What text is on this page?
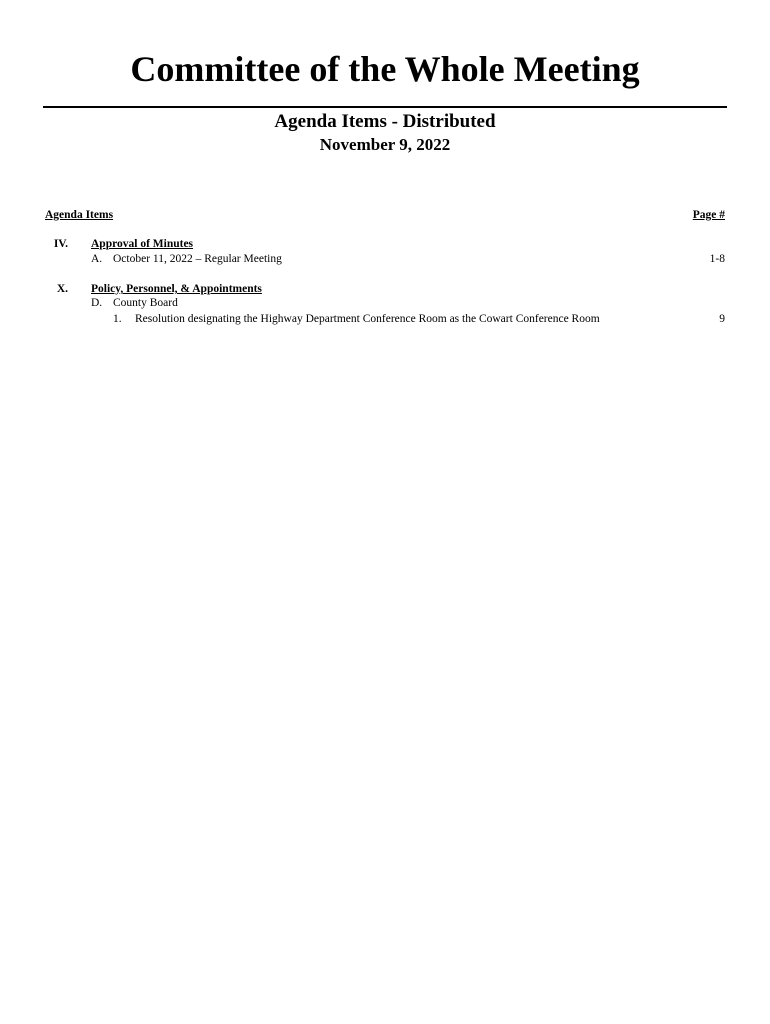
Committee of the Whole Meeting
Agenda Items - Distributed
November 9, 2022
Agenda Items	Page #
IV. Approval of Minutes
A. October 11, 2022 – Regular Meeting	1-8
X. Policy, Personnel, & Appointments
D. County Board
1. Resolution designating the Highway Department Conference Room as the Cowart Conference Room	9
